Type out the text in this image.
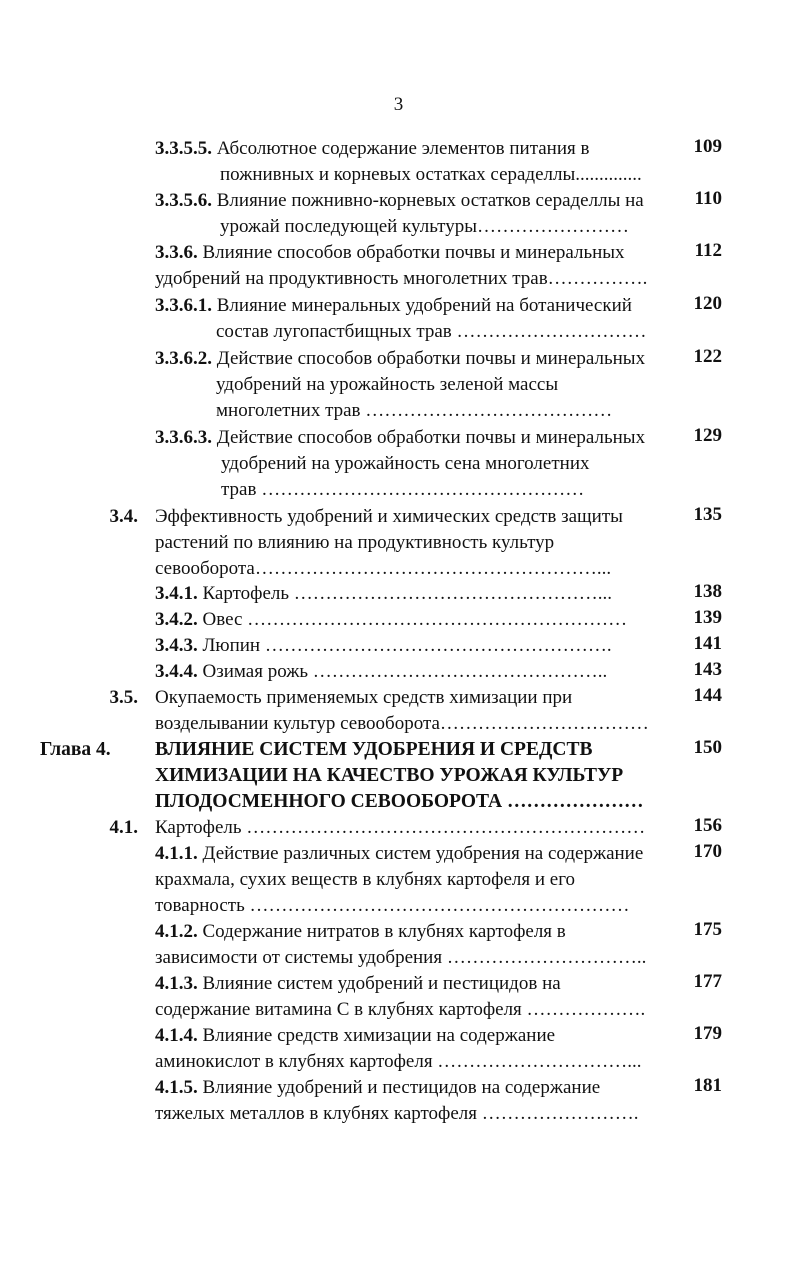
3
3.3.5.5. Абсолютное содержание элементов питания в
пожнивных и корневых остатках сераделлы..............
109
3.3.5.6. Влияние пожнивно-корневых остатков сераделлы на
урожай последующей культуры……………………
110
3.3.6. Влияние способов обработки почвы и минеральных
удобрений на продуктивность многолетних трав…………….
112
3.3.6.1. Влияние минеральных удобрений на ботанический
состав лугопастбищных трав …………………………
120
3.3.6.2. Действие способов обработки почвы и минеральных
удобрений на урожайность зеленой массы
многолетних трав …………………………………
122
3.3.6.3. Действие способов обработки почвы и минеральных
удобрений на урожайность сена многолетних
трав ……………………………………………
129
3.4. Эффективность удобрений и химических средств защиты
растений по влиянию на продуктивность культур
севооборота………………………………………………...
135
3.4.1. Картофель …………………………………………...	138
3.4.2. Овес ……………………………………………………	139
3.4.3. Люпин ……………………………………………….	141
3.4.4. Озимая рожь ………………………………………..	143
3.5. Окупаемость применяемых средств химизации при
возделывании культур севооборота……………………………
144
Глава 4.	ВЛИЯНИЕ СИСТЕМ УДОБРЕНИЯ И СРЕДСТВ
ХИМИЗАЦИИ НА КАЧЕСТВО УРОЖАЯ КУЛЬТУР
ПЛОДОСМЕННОГО СЕВООБОРОТА …………………
150
4.1. Картофель ………………………………………………………	156
4.1.1. Действие различных систем удобрения на содержание
крахмала, сухих веществ в клубнях картофеля и его
товарность ……………………………………………………
170
4.1.2. Содержание нитратов в клубнях картофеля в
зависимости от системы удобрения …………………………..
175
4.1.3. Влияние систем удобрений и пестицидов на
содержание витамина С в клубнях картофеля ……………….
177
4.1.4. Влияние средств химизации на содержание
аминокислот в клубнях картофеля …………………………...
179
4.1.5. Влияние удобрений и пестицидов на содержание
тяжелых металлов в клубнях картофеля …………………….
181
